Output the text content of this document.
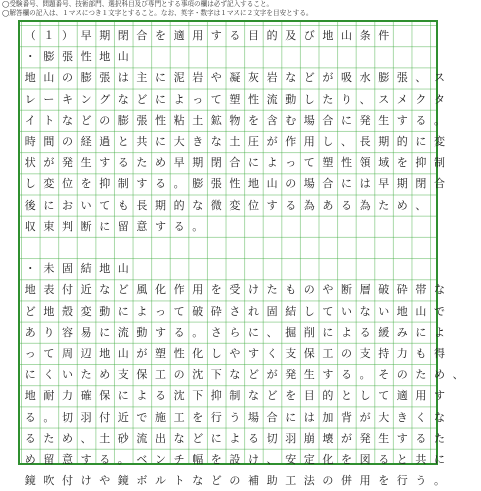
◯受験番号、問題番号、技術部門、選択科目及び専門とする事項の欄は必ず記入すること。
◯解答欄の記入は、１マスにつき１文字とすること。なお、英字・数字は１マスに２文字を目安とする。
（ １ ） 早 期 閉 合 を 適 用 す る 目 的 及 び 地 山 条 件
・ 膨 張 性 地 山
地 山 の 膨 張 は 主 に 泥 岩 や 凝 灰 岩 な ど が 吸 水 膨 張 、 ス
レ ー キ ン グ な ど に よ っ て 塑 性 流 動 し た り 、 ス メ ク タ
イ ト な ど の 膨 張 性 粘 土 鉱 物 を 含 む 場 合 に 発 生 す る 。
時 間 の 経 過 と 共 に 大 き な 土 圧 が 作 用 し 、 長 期 的 に 変
状 が 発 生 す る た め 早 期 閉 合 に よ っ て 塑 性 領 域 を 抑 制
し 変 位 を 抑 制 す る 。 膨 張 性 地 山 の 場 合 に は 早 期 閉 合
後 に お い て も 長 期 的 な 微 変 位 す る 為 あ る 為 た め 、
収 束 判 断 に 留 意 す る 。
・ 未 固 結 地 山
地 表 付 近 な ど 風 化 作 用 を 受 け た も の や 断 層 破 砕 帯 な
ど 地 殻 変 動 に よ っ て 破 砕 さ れ 固 結 し て い な い 地 山 で
あ り 容 易 に 流 動 す る 。 さ ら に 、 掘 削 に よ る 緩 み に よ
っ て 周 辺 地 山 が 塑 性 化 し や す く 支 保 工 の 支 持 力 も 得
に く い た め 支 保 工 の 沈 下 な ど が 発 生 す る 。 そ の た め 、
地 耐 力 確 保 に よ る 沈 下 抑 制 な ど を 目 的 と し て 適 用 す
る 。 切 羽 付 近 で 施 工 を 行 う 場 合 に は 加 背 が 大 き く な
る た め 、 土 砂 流 出 な ど に よ る 切 羽 崩 壊 が 発 生 す る た
め 留 意 す る 。 ベ ン チ 幅 を 設 け 、 安 定 化 を 図 る と 共 に
鏡 吹 付 け や 鏡 ボ ル ト な ど の 補 助 工 法 の 併 用 を 行 う 。
